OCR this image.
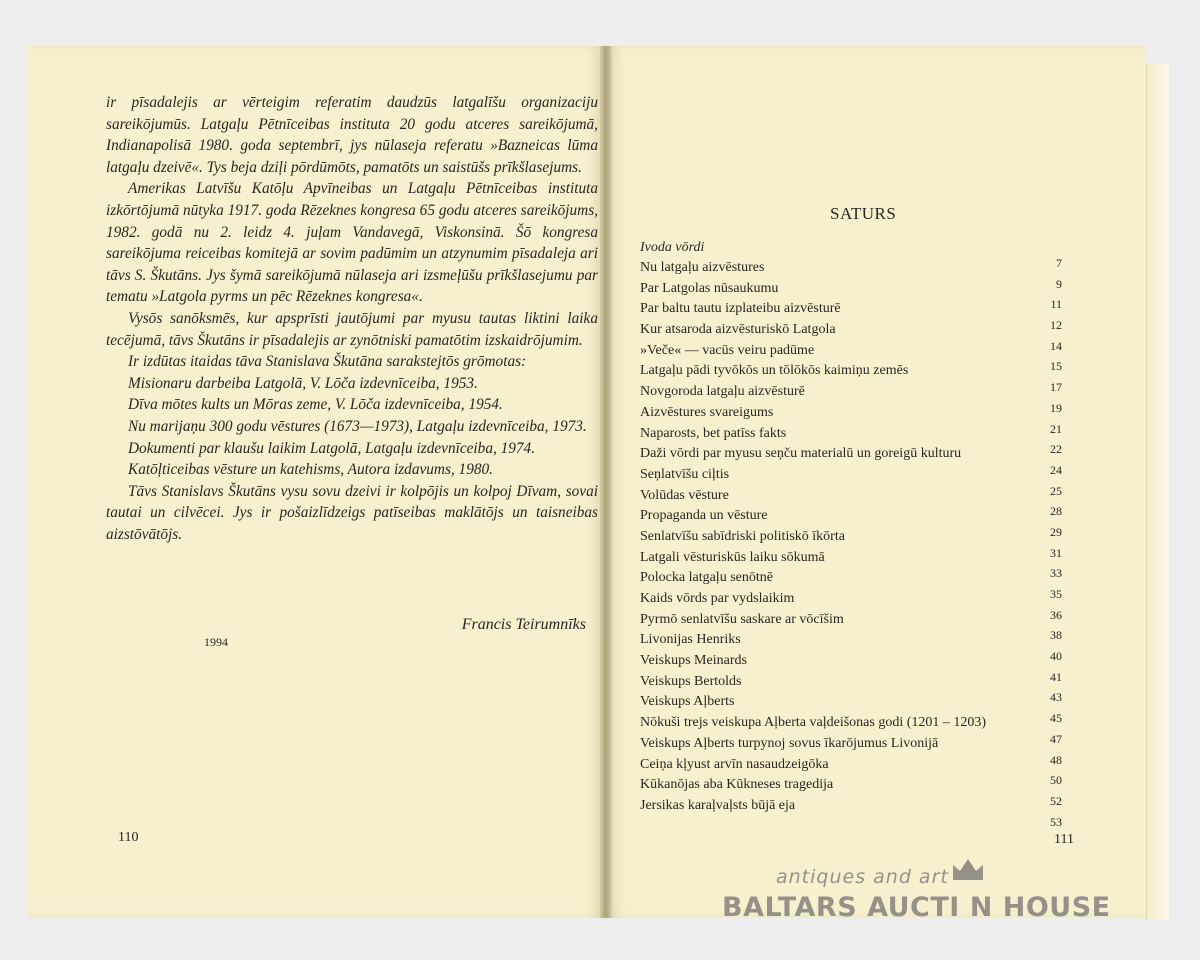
ir pīsadalejis ar vērteigim referatim daudzūs latgalīšu organizaciju sareikōjumūs. Latgaļu Pētnīceibas instituta 20 godu atceres sareikōjumā, Indianapolisā 1980. goda septembrī, jys nūlaseja referatu »Bazneicas lūma latgaļu dzeivē«. Tys beja dziļi pōrdūmōts, pamatōts un saistūšs prīkšlasejums.

Amerikas Latvīšu Katōļu Apvīneibas un Latgaļu Pētnīceibas instituta izkōrtōjumā nūtyka 1917. goda Rēzeknes kongresa 65 godu atceres sareikōjums, 1982. godā nu 2. leidz 4. juļam Vandavegā, Viskonsinā. Šō kongresa sareikōjuma reiceibas komitejā ar sovim padūmim un atzynumim pīsadaleja ari tāvs S. Škutāns. Jys šymā sareikōjumā nūlaseja ari izsmeļūšu prīkšlasejumu par tematu »Latgola pyrms un pēc Rēzeknes kongresa«.

Vysōs sanōksmēs, kur apsprīsti jautōjumi par myusu tautas liktini laika tecējumā, tāvs Škutāns ir pīsadalejis ar zynōtniski pamatōtim izskaidrōjumim.

Ir izdūtas itaidas tāva Stanislava Škutāna sarakstejtōs grōmotas:

Misionaru darbeiba Latgolā, V. Lōča izdevnīceiba, 1953.

Dīva mōtes kults un Mōras zeme, V. Lōča izdevnīceiba, 1954.

Nu marijaņu 300 godu vēstures (1673—1973), Latgaļu izdevnīceiba, 1973.

Dokumenti par klaušu laikim Latgolā, Latgaļu izdevnīceiba, 1974.

Katōļticeibas vēsture un katehisms, Autora izdavums, 1980.

Tāvs Stanislavs Škutāns vysu sovu dzeivi ir kolpōjis un kolpoj Dīvam, sovai tautai un cilvēcei. Jys ir pošaizlīdzeigs patīseibas maklātōjs un taisneibas aizstōvātōjs.

Francis Teirumnīks
1994
110
SATURS
Ivoda vōrdi
Nu latgaļu aizvēstures
Par Latgolas nūsaukumu
Par baltu tautu izplateibu aizvēsturē
Kur atsaroda aizvēsturiskō Latgola
»Veče« — vacūs veiru padūme
Latgaļu pādi tyvōkōs un tōlōkōs kaimiņu zemēs
Novgoroda latgaļu aizvēsturē
Aizvēstures svareigums
Naparosts, bet patīss fakts
Daži vōrdi par myusu seņču materialū un goreigū kulturu
Seņlatvīšu ciļtis
Volūdas vēsture
Propaganda un vēsture
Senlatvīšu sabīdriski politiskō īkōrta
Latgali vēsturiskūs laiku sōkumā
Polocka latgaļu senōtnē
Kaids vōrds par vydslaikim
Pyrmō senlatvīšu saskare ar vōcīšim
Livonijas Henriks
Veiskups Meinards
Veiskups Bertolds
Veiskups Aļberts
Nōkuši trejs veiskupa Aļberta vaļdeišonas godi (1201 – 1203)
Veiskups Aļberts turpynoj sovus īkarōjumus Livonijā
Ceiņa kļyust arvīn nasaudzeigōka
Kūkanōjas aba Kūkneses tragedija
Jersikas karaļvaļsts būjā eja
7
9
11
12
14
15
17
19
21
22
24
25
28
29
31
33
35
36
38
40
41
43
45
47
48
50
52
53
111
antiques and art
BALTARS AUCTI N HOUSE
